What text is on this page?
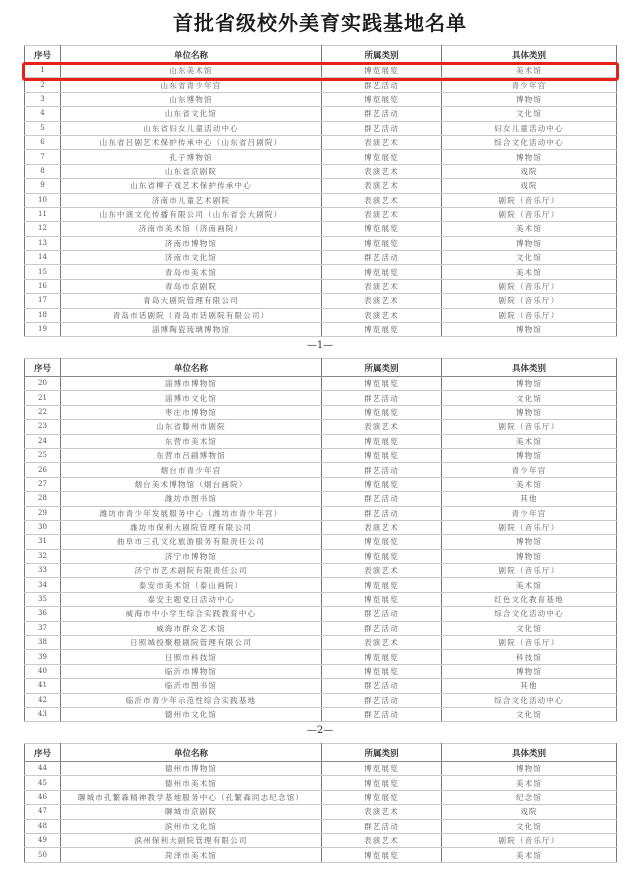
首批省级校外美育实践基地名单
序号	单位名称	所属类别	具体类别
1	山东美术馆	博览展览	美术馆
2	山东省青少年宫	群艺活动	青少年宫
3	山东博物馆	博览展览	博物馆
4	山东省文化馆	群艺活动	文化馆
5	山东省妇女儿童活动中心	群艺活动	妇女儿童活动中心
6	山东省吕剧艺术保护传承中心（山东省吕剧院）	表演艺术	综合文化活动中心
7	孔子博物馆	博览展览	博物馆
8	山东省京剧院	表演艺术	戏院
9	山东省柳子戏艺术保护传承中心	表演艺术	戏院
10	济南市儿童艺术剧院	表演艺术	剧院（音乐厅）
11	山东中演文化传播有限公司（山东省会大剧院）	表演艺术	剧院（音乐厅）
12	济南市美术馆（济南画院）	博览展览	美术馆
13	济南市博物馆	博览展览	博物馆
14	济南市文化馆	群艺活动	文化馆
15	青岛市美术馆	博览展览	美术馆
16	青岛市京剧院	表演艺术	剧院（音乐厅）
17	青岛大剧院管理有限公司	表演艺术	剧院（音乐厅）
18	青岛市话剧院（青岛市话剧院有限公司）	表演艺术	剧院（音乐厅）
19	淄博陶瓷琉璃博物馆	博览展览	博物馆
—1—
序号	单位名称	所属类别	具体类别
20	淄博市博物馆	博览展览	博物馆
21	淄博市文化馆	群艺活动	文化馆
22	枣庄市博物馆	博览展览	博物馆
23	山东省滕州市剧院	表演艺术	剧院（音乐厅）
24	东营市美术馆	博览展览	美术馆
25	东营市吕剧博物馆	博览展览	博物馆
26	烟台市青少年宫	群艺活动	青少年宫
27	烟台美术博物馆（烟台画院）	博览展览	美术馆
28	潍坊市图书馆	群艺活动	其他
29	潍坊市青少年发展服务中心（潍坊市青少年宫）	群艺活动	青少年宫
30	潍坊市保利大剧院管理有限公司	表演艺术	剧院（音乐厅）
31	曲阜市三孔文化旅游服务有限责任公司	博览展览	博物馆
32	济宁市博物馆	博览展览	博物馆
33	济宁市艺术剧院有限责任公司	表演艺术	剧院（音乐厅）
34	泰安市美术馆（泰山画院）	博览展览	美术馆
35	泰安主题党日活动中心	博览展览	红色文化教育基地
36	威海市中小学生综合实践教育中心	群艺活动	综合文化活动中心
37	威海市群众艺术馆	群艺活动	文化馆
38	日照城投聚橙剧院管理有限公司	表演艺术	剧院（音乐厅）
39	日照市科技馆	博览展览	科技馆
40	临沂市博物馆	博览展览	博物馆
41	临沂市图书馆	群艺活动	其他
42	临沂市青少年示范性综合实践基地	群艺活动	综合文化活动中心
43	德州市文化馆	群艺活动	文化馆
—2—
序号	单位名称	所属类别	具体类别
44	德州市博物馆	博览展览	博物馆
45	德州市美术馆	博览展览	美术馆
46	聊城市孔繁森精神教学基地服务中心（孔繁森同志纪念馆）	博览展览	纪念馆
47	聊城市京剧院	表演艺术	戏院
48	滨州市文化馆	群艺活动	文化馆
49	滨州保利大剧院管理有限公司	表演艺术	剧院（音乐厅）
50	菏泽市美术馆	博览展览	美术馆
